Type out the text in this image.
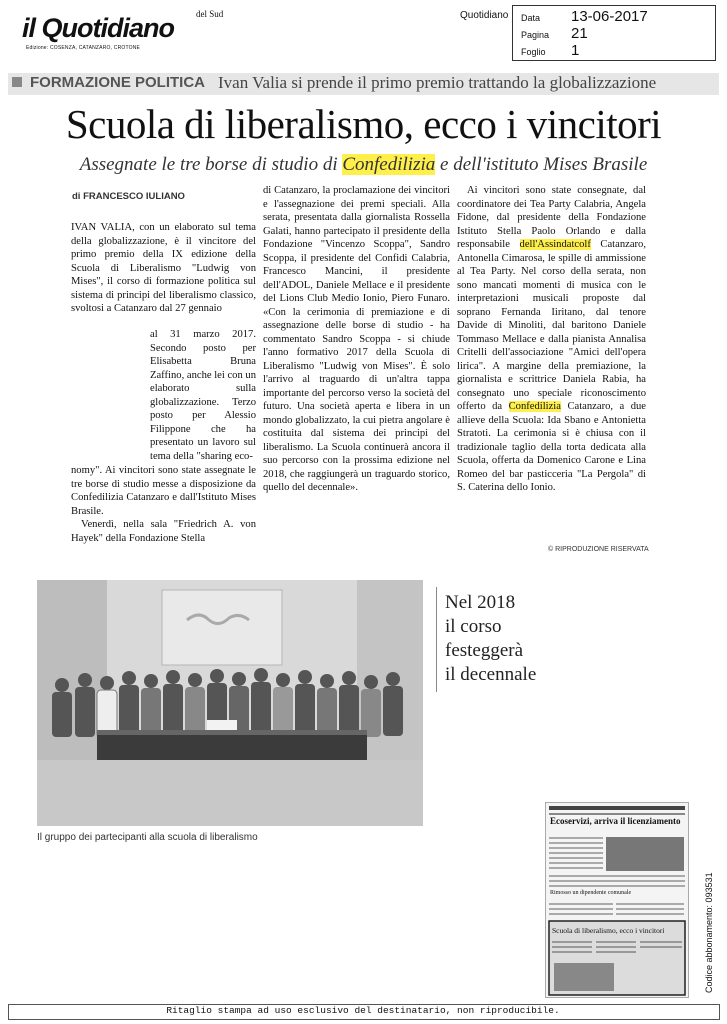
il Quotidiano del Sud
Edizione: COSENZA, CATANZARO, CROTONE
Quotidiano Data 13-06-2017
Pagina 21
Foglio 1
FORMAZIONE POLITICA Ivan Valia si prende il primo premio trattando la globalizzazione
Scuola di liberalismo, ecco i vincitori
Assegnate le tre borse di studio di Confedilizia e dell'istituto Mises Brasile
di FRANCESCO IULIANO

IVAN VALIA, con un elaborato sul tema della globalizzazione, è il vincitore del primo premio della IX edizione della Scuola di Liberalismo "Ludwig von Mises", il corso di formazione politica sul sistema di principi del liberalismo classico, svoltosi a Catanzaro dal 27 gennaio

al 31 marzo 2017. Secondo posto per Elisabetta Bruna Zaffino, anche lei con un elaborato sulla globalizzazione. Terzo posto per Alessio Filippone che ha presentato un lavoro sul tema della "sharing eco-

nomy". Ai vincitori sono state assegnate le tre borse di studio messe a disposizione da Confedilizia Catanzaro e dall'Istituto Mises Brasile.

Venerdì, nella sala "Friedrich A. von Hayek" della Fondazione Stella

di Catanzaro, la proclamazione dei vincitori e l'assegnazione dei premi speciali. Alla serata, presentata dalla giornalista Rossella Galati, hanno partecipato il presidente della Fondazione "Vincenzo Scoppa", Sandro Scoppa, il presidente del Confidi Calabria, Francesco Mancini, il presidente dell'ADOL, Daniele Mellace e il presidente del Lions Club Medio Ionio, Piero Funaro. «Con la cerimonia di premiazione e di assegnazione delle borse di studio - ha commentato Sandro Scoppa - si chiude l'anno formativo 2017 della Scuola di Liberalismo "Ludwig von Mises". È solo l'arrivo al traguardo di un'altra tappa importante del percorso verso la società del futuro. Una società aperta e libera in un mondo globalizzato, la cui pietra angolare è costituita dal sistema dei principi del liberalismo. La Scuola continuerà ancora il suo percorso con la prossima edizione nel 2018, che raggiungerà un traguardo storico, quello del decennale».

Ai vincitori sono state consegnate, dal coordinatore dei Tea Party Calabria, Angela Fidone, dal presidente della Fondazione Istituto Stella Paolo Orlando e dalla responsabile dell'Assindatcolf Catanzaro, Antonella Cimarosa, le spille di ammissione al Tea Party. Nel corso della serata, non sono mancati momenti di musica con le interpretazioni musicali proposte dal soprano Fernanda Iiritano, dal tenore Davide di Minoliti, dal baritono Daniele Tommaso Mellace e dalla pianista Annalisa Critelli dell'associazione "Amici dell'opera lirica". A margine della premiazione, la giornalista e scrittrice Daniela Rabia, ha consegnato uno speciale riconoscimento offerto da Confedilizia Catanzaro, a due allieve della Scuola: Ida Sbano e Antonietta Stratoti. La cerimonia si è chiusa con il tradizionale taglio della torta dedicata alla Scuola, offerta da Domenico Carone e Lina Romeo del bar pasticceria "La Pergola" di S. Caterina dello Ionio.

© RIPRODUZIONE RISERVATA
Il gruppo dei partecipanti alla scuola di liberalismo
Nel 2018
il corso
festeggerà
il decennale
Ecoservizi, arriva il licenziamento
Rimosso un dipendente comunale
Scuola di liberalismo, ecco i vincitori	Codice abbonamento: 093531
Ritaglio stampa ad uso esclusivo del destinatario, non riproducibile.
